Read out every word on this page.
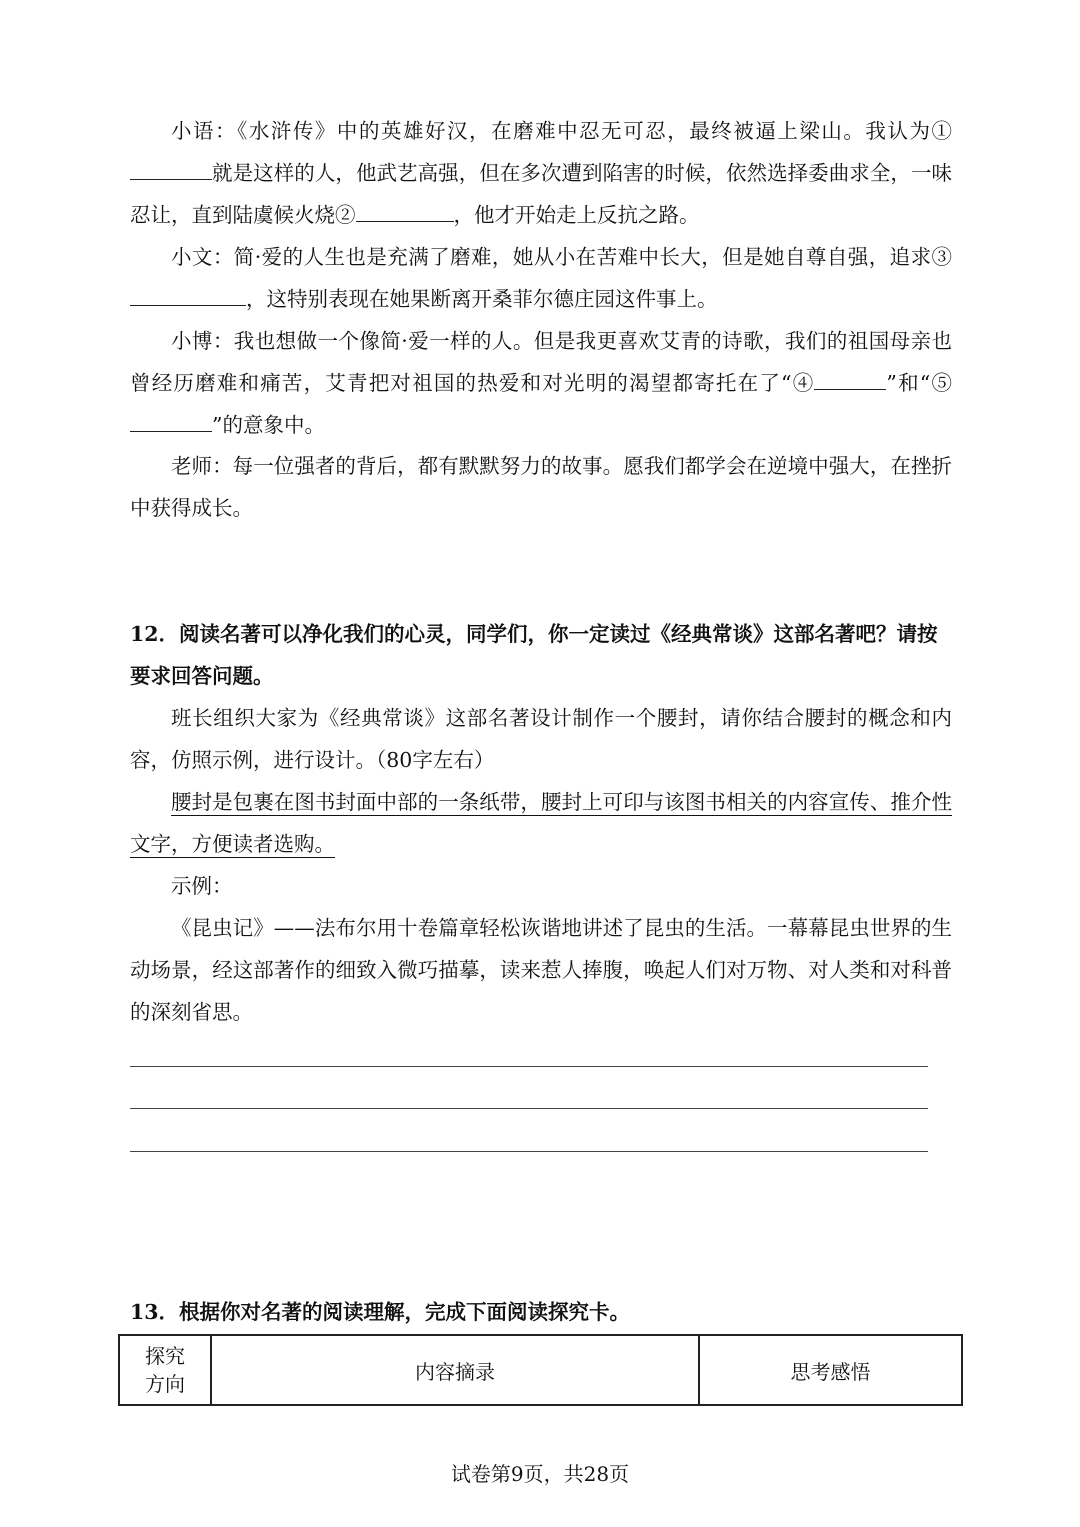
小语：《水浒传》中的英雄好汉，在磨难中忍无可忍，最终被逼上梁山。我认为①就是这样的人，他武艺高强，但在多次遭到陷害的时候，依然选择委曲求全，一味忍让，直到陆虞候火烧②	，他才开始走上反抗之路。

小文：简·爱的人生也是充满了磨难，她从小在苦难中长大，但是她自尊自强，追求③，这特别表现在她果断离开桑菲尔德庄园这件事上。

小博：我也想做一个像简·爱一样的人。但是我更喜欢艾青的诗歌，我们的祖国母亲也曾经历磨难和痛苦，艾青把对祖国的热爱和对光明的渴望都寄托在了“④	”和“⑤”的意象中。

老师：每一位强者的背后，都有默默努力的故事。愿我们都学会在逆境中强大，在挫折中获得成长。

12．阅读名著可以净化我们的心灵，同学们，你一定读过《经典常谈》这部名著吧？请按要求回答问题。

班长组织大家为《经典常谈》这部名著设计制作一个腰封，请你结合腰封的概念和内容，仿照示例，进行设计。（80字左右）

腰封是包裹在图书封面中部的一条纸带，腰封上可印与该图书相关的内容宣传、推介性文字，方便读者选购。

示例：

《昆虫记》——法布尔用十卷篇章轻松诙谐地讲述了昆虫的生活。一幕幕昆虫世界的生动场景，经这部著作的细致入微巧描摹，读来惹人捧腹，唤起人们对万物、对人类和对科普的深刻省思。

13．根据你对名著的阅读理解，完成下面阅读探究卡。

探究
方向	内容摘录	思考感悟
试卷第9页，共28页
